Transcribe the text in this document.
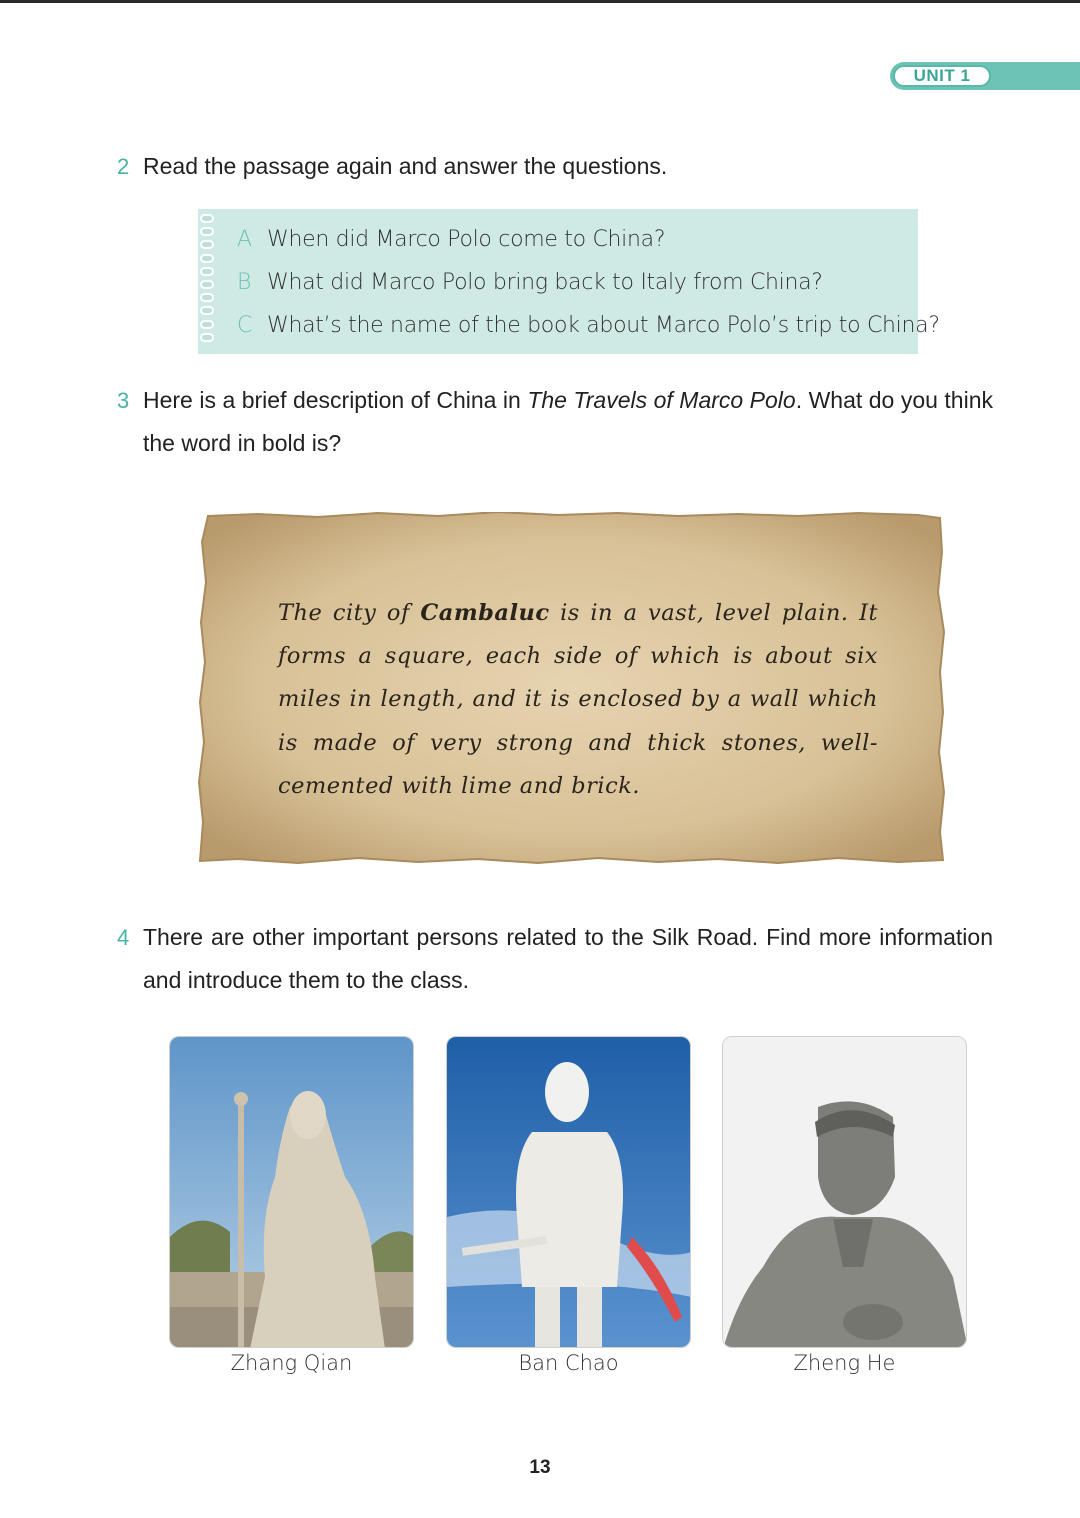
UNIT 1
2 Read the passage again and answer the questions.
A When did Marco Polo come to China?
B What did Marco Polo bring back to Italy from China?
C What’s the name of the book about Marco Polo’s trip to China?
3 Here is a brief description of China in The Travels of Marco Polo. What do you think the word in bold is?
The city of Cambaluc is in a vast, level plain. It forms a square, each side of which is about six miles in length, and it is enclosed by a wall which is made of very strong and thick stones, well-cemented with lime and brick.
4 There are other important persons related to the Silk Road. Find more information and introduce them to the class.
Zhang Qian	Ban Chao	Zheng He
13
